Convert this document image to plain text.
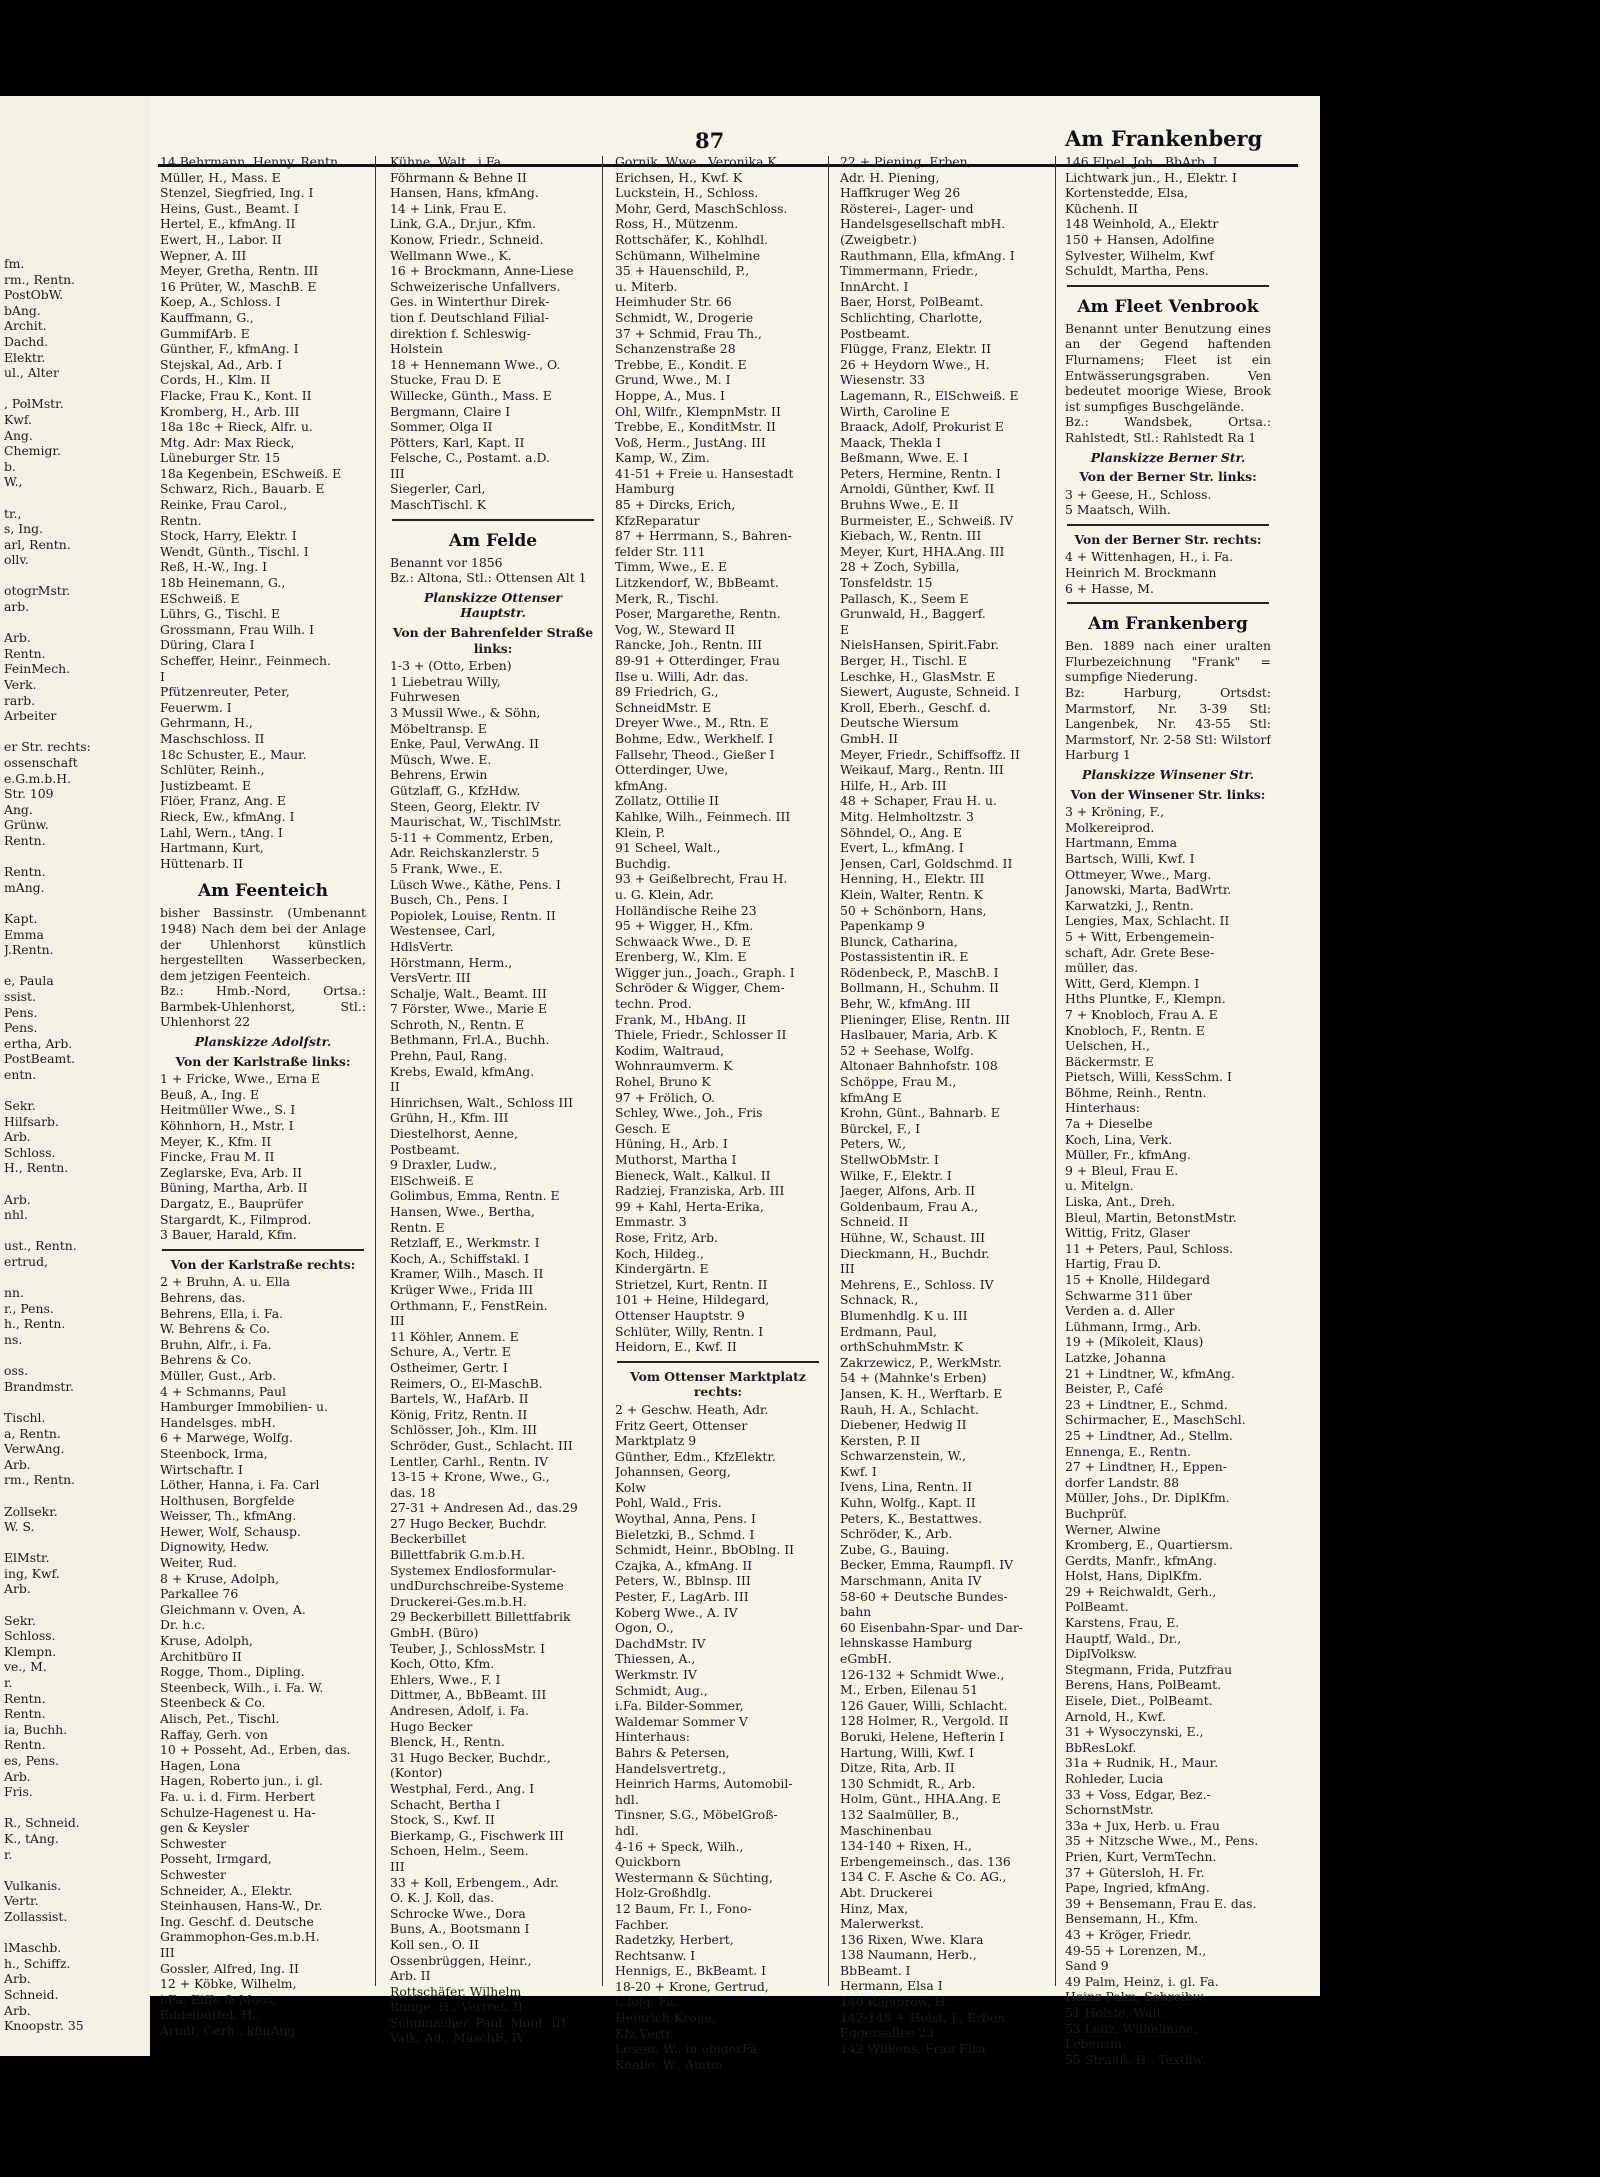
fm.
rm., Rentn.
PostObW.
bAng.
Archit.
Dachd.
Elektr.
ul., Alter

, PolMstr.
Kwf.
Ang.
Chemigr.
b.
W.,

tr.,
s, Ing.
arl, Rentn.
ollv.

otogrMstr.
arb.

Arb.
Rentn.
FeinMech.
Verk.
rarb.
Arbeiter

er Str. rechts:
ossenschaft
e.G.m.b.H.
Str. 109
Ang.
Grünw.
Rentn.

Rentn.
mAng.

Kapt.
Emma
J.Rentn.

e, Paula
ssist.
Pens.
Pens.
ertha, Arb.
PostBeamt.
entn.

Sekr.
Hilfsarb.
Arb.
Schloss.
H., Rentn.

Arb.
nhl.

ust., Rentn.
ertrud,

nn.
r., Pens.
h., Rentn.
ns.

oss.
Brandmstr.

Tischl.
a, Rentn.
VerwAng.
Arb.
rm., Rentn.

Zollsekr.
W. S.

ElMstr.
ing, Kwf.
Arb.

Sekr.
Schloss.
Klempn.
ve., M.
r.
Rentn.
Rentn.
ia, Buchh.
Rentn.
es, Pens.
Arb.
Fris.

R., Schneid.
K., tAng.
r.

Vulkanis.
Vertr.
Zollassist.

lMaschb.
h., Schiffz.
Arb.
Schneid.
Arb.
Knoopstr. 35
87	Am Frankenberg
14 Behrmann, Henny, Rentn.
Müller, H., Mass. E
Stenzel, Siegfried, Ing. I
Heins, Gust., Beamt. I
Hertel, E., kfmAng. II
Ewert, H., Labor. II
Wepner, A. III
Meyer, Gretha, Rentn. III
16 Prüter, W., MaschB. E
Koep, A., Schloss. I
Kauffmann, G.,
GummifArb. E
Günther, F., kfmAng. I
Stejskal, Ad., Arb. I
Cords, H., Klm. II
Flacke, Frau K., Kont. II
Kromberg, H., Arb. III
18a 18c + Rieck, Alfr. u.
Mtg. Adr: Max Rieck,
Lüneburger Str. 15
18a Kegenbein, ESchweiß. E
Schwarz, Rich., Bauarb. E
Reinke, Frau Carol.,
Rentn.
Stock, Harry, Elektr. I
Wendt, Günth., Tischl. I
Reß, H.-W., Ing. I
18b Heinemann, G.,
ESchweiß. E
Lührs, G., Tischl. E
Grossmann, Frau Wilh. I
Düring, Clara I
Scheffer, Heinr., Feinmech.
I
Pfützenreuter, Peter,
Feuerwm. I
Gehrmann, H.,
Maschschloss. II
18c Schuster, E., Maur.
Schlüter, Reinh.,
Justizbeamt. E
Flöer, Franz, Ang. E
Rieck, Ew., kfmAng. I
Lahl, Wern., tAng. I
Hartmann, Kurt,
Hüttenarb. II
Am Feenteich
bisher Bassinstr. (Umbenannt 1948) Nach dem bei der Anlage der Uhlenhorst künstlich hergestellten Wasserbecken, dem jetzigen Feenteich.
Bz.: Hmb.-Nord, Ortsa.: Barmbek-Uhlenhorst, Stl.: Uhlenhorst 22
Planskizze Adolfstr.
Von der Karlstraße links:
1 + Fricke, Wwe., Erna E
Beuß, A., Ing. E
Heitmüller Wwe., S. I
Köhnhorn, H., Mstr. I
Meyer, K., Kfm. II
Fincke, Frau M. II
Zeglarske, Eva, Arb. II
Büning, Martha, Arb. II
Dargatz, E., Bauprüfer
Stargardt, K., Filmprod.
3 Bauer, Harald, Kfm.
Von der Karlstraße rechts:
2 + Bruhn, A. u. Ella
Behrens, das.
Behrens, Ella, i. Fa.
W. Behrens & Co.
Bruhn, Alfr., i. Fa.
Behrens & Co.
Müller, Gust., Arb.
4 + Schmanns, Paul
Hamburger Immobilien- u.
Handelsges. mbH.
6 + Marwege, Wolfg.
Steenbock, Irma,
Wirtschaftr. I
Löther, Hanna, i. Fa. Carl
Holthusen, Borgfelde
Weisser, Th., kfmAng.
Hewer, Wolf, Schausp.
Dignowity, Hedw.
Weiter, Rud.
8 + Kruse, Adolph,
Parkallee 76
Gleichmann v. Oven, A.
Dr. h.c.
Kruse, Adolph,
Architbüro II
Rogge, Thom., Dipling.
Steenbeck, Wilh., i. Fa. W.
Steenbeck & Co.
Alisch, Pet., Tischl.
Raffay, Gerh. von
10 + Posseht, Ad., Erben, das.
Hagen, Lona
Hagen, Roberto jun., i. gl.
Fa. u. i. d. Firm. Herbert
Schulze-Hagenest u. Ha-
gen & Keysler
Schwester
Posseht, Irmgard,
Schwester
Schneider, A., Elektr.
Steinhausen, Hans-W., Dr.
Ing. Geschf. d. Deutsche
Grammophon-Ges.m.b.H.
III
Gossler, Alfred, Ing. II
12 + Köbke, Wilhelm,
i.Fa. Eiffe & Moos,
Eddelbüttel, H.,
Arndt, Gerh., kfmAng.
Kühne, Walt., i.Fa.
Föhrmann & Behne II
Hansen, Hans, kfmAng.
14 + Link, Frau E.
Link, G.A., Dr.jur., Kfm.
Konow, Friedr., Schneid.
Wellmann Wwe., K.
16 + Brockmann, Anne-Liese
Schweizerische Unfallvers.
Ges. in Winterthur Direk-
tion f. Deutschland Filial-
direktion f. Schleswig-
Holstein
18 + Hennemann Wwe., O.
Stucke, Frau D. E
Willecke, Günth., Mass. E
Bergmann, Claire I
Sommer, Olga II
Pötters, Karl, Kapt. II
Felsche, C., Postamt. a.D.
III
Siegerler, Carl,
MaschTischl. K
Am Felde
Benannt vor 1856
Bz.: Altona, Stl.: Ottensen Alt 1
Planskizze Ottenser Hauptstr.
Von der Bahrenfelder Straße links:
1-3 + (Otto, Erben)
1 Liebetrau Willy,
Fuhrwesen
3 Mussil Wwe., & Söhn,
Möbeltransp. E
Enke, Paul, VerwAng. II
Müsch, Wwe. E.
Behrens, Erwin
Gützlaff, G., KfzHdw.
Steen, Georg, Elektr. IV
Maurischat, W., TischlMstr.
5-11 + Commentz, Erben,
Adr. Reichskanzlerstr. 5
5 Frank, Wwe., E.
Lüsch Wwe., Käthe, Pens. I
Busch, Ch., Pens. I
Popiolek, Louise, Rentn. II
Westensee, Carl,
HdlsVertr.
Hörstmann, Herm.,
VersVertr. III
Schalje, Walt., Beamt. III
7 Förster, Wwe., Marie E
Schroth, N., Rentn. E
Bethmann, Frl.A., Buchh.
Prehn, Paul, Rang.
Krebs, Ewald, kfmAng.
II
Hinrichsen, Walt., Schloss III
Grühn, H., Kfm. III
Diestelhorst, Aenne,
Postbeamt.
9 Draxler, Ludw.,
ElSchweiß. E
Golimbus, Emma, Rentn. E
Hansen, Wwe., Bertha,
Rentn. E
Retzlaff, E., Werkmstr. I
Koch, A., Schiffstakl. I
Kramer, Wilh., Masch. II
Krüger Wwe., Frida III
Orthmann, F., FenstRein.
III
11 Köhler, Annem. E
Schure, A., Vertr. E
Ostheimer, Gertr. I
Reimers, O., El-MaschB.
Bartels, W., HafArb. II
König, Fritz, Rentn. II
Schlösser, Joh., Klm. III
Schröder, Gust., Schlacht. III
Lentler, Carhl., Rentn. IV
13-15 + Krone, Wwe., G.,
das. 18
27-31 + Andresen Ad., das.29
27 Hugo Becker, Buchdr.
Beckerbillet
Billettfabrik G.m.b.H.
Systemex Endlosformular-
undDurchschreibe-Systeme
Druckerei-Ges.m.b.H.
29 Beckerbillett Billettfabrik
GmbH. (Büro)
Teuber, J., SchlossMstr. I
Koch, Otto, Kfm.
Ehlers, Wwe., F. I
Dittmer, A., BbBeamt. III
Andresen, Adolf, i. Fa.
Hugo Becker
Blenck, H., Rentn.
31 Hugo Becker, Buchdr.,
(Kontor)
Westphal, Ferd., Ang. I
Schacht, Bertha I
Stock, S., Kwf. II
Bierkamp, G., Fischwerk III
Schoen, Helm., Seem.
III
33 + Koll, Erbengem., Adr.
O. K. J. Koll, das.
Schrocke Wwe., Dora
Buns, A., Bootsmann I
Koll sen., O. II
Ossenbrüggen, Heinr.,
Arb. II
Rottschäfer, Wilhelm
Runge, H., Vertret. II
Schumacher, Paul, Mont. III
Valk, Ad., MaschB. IV
Gornik, Wwe., Veronika K
Erichsen, H., Kwf. K
Luckstein, H., Schloss.
Mohr, Gerd, MaschSchloss.
Ross, H., Mützenm.
Rottschäfer, K., Kohlhdl.
Schümann, Wilhelmine
35 + Hauenschild, P.,
u. Miterb.
Heimhuder Str. 66
Schmidt, W., Drogerie
37 + Schmid, Frau Th.,
Schanzenstraße 28
Trebbe, E., Kondit. E
Grund, Wwe., M. I
Hoppe, A., Mus. I
Ohl, Wilfr., KlempnMstr. II
Trebbe, E., KonditMstr. II
Voß, Herm., JustAng. III
Kamp, W., Zim.
41-51 + Freie u. Hansestadt
Hamburg
85 + Dircks, Erich,
KfzReparatur
87 + Herrmann, S., Bahren-
felder Str. 111
Timm, Wwe., E. E
Litzkendorf, W., BbBeamt.
Merk, R., Tischl.
Poser, Margarethe, Rentn.
Vog, W., Steward II
Rancke, Joh., Rentn. III
89-91 + Otterdinger, Frau
Ilse u. Willi, Adr. das.
89 Friedrich, G.,
SchneidMstr. E
Dreyer Wwe., M., Rtn. E
Bohme, Edw., Werkhelf. I
Fallsehr, Theod., Gießer I
Otterdinger, Uwe,
kfmAng.
Zollatz, Ottilie II
Kahlke, Wilh., Feinmech. III
Klein, P.
91 Scheel, Walt.,
Buchdig.
93 + Geißelbrecht, Frau H.
u. G. Klein, Adr.
Holländische Reihe 23
95 + Wigger, H., Kfm.
Schwaack Wwe., D. E
Erenberg, W., Klm. E
Wigger jun., Joach., Graph. I
Schröder & Wigger, Chem-
techn. Prod.
Frank, M., HbAng. II
Thiele, Friedr., Schlosser II
Kodim, Waltraud,
Wohnraumverm. K
Rohel, Bruno K
97 + Frölich, O.
Schley, Wwe., Joh., Fris
Gesch. E
Hüning, H., Arb. I
Muthorst, Martha I
Bieneck, Walt., Kalkul. II
Radziej, Franziska, Arb. III
99 + Kahl, Herta-Erika,
Emmastr. 3
Rose, Fritz, Arb.
Koch, Hildeg.,
Kindergärtn. E
Strietzel, Kurt, Rentn. II
101 + Heine, Hildegard,
Ottenser Hauptstr. 9
Schlüter, Willy, Rentn. I
Heidorn, E., Kwf. II
Vom Ottenser Marktplatz rechts:
2 + Geschw. Heath, Adr.
Fritz Geert, Ottenser
Marktplatz 9
Günther, Edm., KfzElektr.
Johannsen, Georg,
Kolw
Pohl, Wald., Fris.
Woythal, Anna, Pens. I
Bieletzki, B., Schmd. I
Schmidt, Heinr., BbOblng. II
Czajka, A., kfmAng. II
Peters, W., Bblnsp. III
Pester, F., LagArb. III
Koberg Wwe., A. IV
Ogon, O.,
DachdMstr. IV
Thiessen, A.,
Werkmstr. IV
Schmidt, Aug.,
i.Fa. Bilder-Sommer,
Waldemar Sommer V
Hinterhaus:
Bahrs & Petersen,
Handelsvertretg.,
Heinrich Harms, Automobil-
hdl.
Tinsner, S.G., MöbelGroß-
hdl.
4-16 + Speck, Wilh.,
Quickborn
Westermann & Süchting,
Holz-Großhdlg.
12 Baum, Fr. I., Fono-
Fachber.
Radetzky, Herbert,
Rechtsanw. I
Hennigs, E., BkBeamt. I
18-20 + Krone, Gertrud,
i. folg. Fa.
Heinrich Krone,
Kfz.Vertr.
Lesser, W., in obigerFa
Knabe, W., Amtm.
22 + Piening, Erben,
Adr. H. Piening,
Haffkruger Weg 26
Rösterei-, Lager- und
Handelsgesellschaft mbH.
(Zweigbetr.)
Rauthmann, Ella, kfmAng. I
Timmermann, Friedr.,
InnArcht. I
Baer, Horst, PolBeamt.
Schlichting, Charlotte,
Postbeamt.
Flügge, Franz, Elektr. II
26 + Heydorn Wwe., H.
Wiesenstr. 33
Lagemann, R., ElSchweiß. E
Wirth, Caroline E
Braack, Adolf, Prokurist E
Maack, Thekla I
Beßmann, Wwe. E. I
Peters, Hermine, Rentn. I
Arnoldi, Günther, Kwf. II
Bruhns Wwe., E. II
Burmeister, E., Schweiß. IV
Kiebach, W., Rentn. III
Meyer, Kurt, HHA.Ang. III
28 + Zoch, Sybilla,
Tonsfeldstr. 15
Pallasch, K., Seem E
Grunwald, H., Baggerf.
E
NielsHansen, Spirit.Fabr.
Berger, H., Tischl. E
Leschke, H., GlasMstr. E
Siewert, Auguste, Schneid. I
Kroll, Eberh., Geschf. d.
Deutsche Wiersum
GmbH. II
Meyer, Friedr., Schiffsoffz. II
Weikauf, Marg., Rentn. III
Hilfe, H., Arb. III
48 + Schaper, Frau H. u.
Mitg. Helmholtzstr. 3
Söhndel, O., Ang. E
Evert, L., kfmAng. I
Jensen, Carl, Goldschmd. II
Henning, H., Elektr. III
Klein, Walter, Rentn. K
50 + Schönborn, Hans,
Papenkamp 9
Blunck, Catharina,
Postassistentin iR. E
Rödenbeck, P., MaschB. I
Bollmann, H., Schuhm. II
Behr, W., kfmAng. III
Plieninger, Elise, Rentn. III
Haslbauer, Maria, Arb. K
52 + Seehase, Wolfg.
Altonaer Bahnhofstr. 108
Schöppe, Frau M.,
kfmAng E
Krohn, Günt., Bahnarb. E
Bürckel, F., I
Peters, W.,
StellwObMstr. I
Wilke, F., Elektr. I
Jaeger, Alfons, Arb. II
Goldenbaum, Frau A.,
Schneid. II
Hühne, W., Schaust. III
Dieckmann, H., Buchdr.
III
Mehrens, E., Schloss. IV
Schnack, R.,
Blumenhdlg. K u. III
Erdmann, Paul,
orthSchuhmMstr. K
Zakrzewicz, P., WerkMstr.
54 + (Mahnke's Erben)
Jansen, K. H., Werftarb. E
Rauh, H. A., Schlacht.
Diebener, Hedwig II
Kersten, P. II
Schwarzenstein, W.,
Kwf. I
Ivens, Lina, Rentn. II
Kuhn, Wolfg., Kapt. II
Peters, K., Bestattwes.
Schröder, K., Arb.
Zube, G., Bauing.
Becker, Emma, Raumpfl. IV
Marschmann, Anita IV
58-60 + Deutsche Bundes-
bahn
60 Eisenbahn-Spar- und Dar-
lehnskasse Hamburg
eGmbH.
126-132 + Schmidt Wwe.,
M., Erben, Eilenau 51
126 Gauer, Willi, Schlacht.
128 Holmer, R., Vergold. II
Boruki, Helene, Hefterin I
Hartung, Willi, Kwf. I
Ditze, Rita, Arb. II
130 Schmidt, R., Arb.
Holm, Günt., HHA.Ang. E
132 Saalmüller, B.,
Maschinenbau
134-140 + Rixen, H.,
Erbengemeinsch., das. 136
134 C. F. Asche & Co. AG.,
Abt. Druckerei
Hinz, Max,
Malerwerkst.
136 Rixen, Wwe. Klara
138 Naumann, Herb.,
BbBeamt. I
Hermann, Elsa I
140 Rambrow, H.
142-148 + Holst, J., Erben
Eggersallee 23
142 Wilkens, Frau Elsa
146 Elpel, Joh., BbArb. I
Lichtwark jun., H., Elektr. I
Kortenstedde, Elsa,
Küchenh. II
148 Weinhold, A., Elektr
150 + Hansen, Adolfine
Sylvester, Wilhelm, Kwf
Schuldt, Martha, Pens.
Am Fleet Venbrook
Benannt unter Benutzung eines an der Gegend haftenden Flurnamens; Fleet ist ein Entwässerungsgraben. Ven bedeutet moorige Wiese, Brook ist sumpfiges Buschgelände.
Bz.: Wandsbek, Ortsa.: Rahlstedt, Stl.: Rahlstedt Ra 1
Planskizze Berner Str.
Von der Berner Str. links:
3 + Geese, H., Schloss.
5 Maatsch, Wilh.
Von der Berner Str. rechts:
4 + Wittenhagen, H., i. Fa.
Heinrich M. Brockmann
6 + Hasse, M.
Am Frankenberg
Ben. 1889 nach einer uralten Flurbezeichnung "Frank" = sumpfige Niederung.
Bz: Harburg, Ortsdst: Marmstorf, Nr. 3-39 Stl: Langenbek, Nr. 43-55 Stl: Marmstorf, Nr. 2-58 Stl: Wilstorf Harburg 1
Planskizze Winsener Str.
Von der Winsener Str. links:
3 + Kröning, F.,
Molkereiprod.
Hartmann, Emma
Bartsch, Willi, Kwf. I
Ottmeyer, Wwe., Marg.
Janowski, Marta, BadWrtr.
Karwatzki, J., Rentn.
Lengies, Max, Schlacht. II
5 + Witt, Erbengemein-
schaft, Adr. Grete Bese-
müller, das.
Witt, Gerd, Klempn. I
Hths Pluntke, F., Klempn.
7 + Knobloch, Frau A. E
Knobloch, F., Rentn. E
Uelschen, H.,
Bäckermstr. E
Pietsch, Willi, KessSchm. I
Böhme, Reinh., Rentn.
Hinterhaus:
7a + Dieselbe
Koch, Lina, Verk.
Müller, Fr., kfmAng.
9 + Bleul, Frau E.
u. Mitelgn.
Liska, Ant., Dreh.
Bleul, Martin, BetonstMstr.
Wittig, Fritz, Glaser
11 + Peters, Paul, Schloss.
Hartig, Frau D.
15 + Knolle, Hildegard
Schwarme 311 über
Verden a. d. Aller
Lühmann, Irmg., Arb.
19 + (Mikoleit, Klaus)
Latzke, Johanna
21 + Lindtner, W., kfmAng.
Beister, P., Café
23 + Lindtner, E., Schmd.
Schirmacher, E., MaschSchl.
25 + Lindtner, Ad., Stellm.
Ennenga, E., Rentn.
27 + Lindtner, H., Eppen-
dorfer Landstr. 88
Müller, Johs., Dr. DiplKfm.
Buchprüf.
Werner, Alwine
Kromberg, E., Quartiersm.
Gerdts, Manfr., kfmAng.
Holst, Hans, DiplKfm.
29 + Reichwaldt, Gerh.,
PolBeamt.
Karstens, Frau, E.
Hauptf, Wald., Dr.,
DiplVolksw.
Stegmann, Frida, Putzfrau
Berens, Hans, PolBeamt.
Eisele, Diet., PolBeamt.
Arnold, H., Kwf.
31 + Wysoczynski, E.,
BbResLokf.
31a + Rudnik, H., Maur.
Rohleder, Lucia
33 + Voss, Edgar, Bez.-
SchornstMstr.
33a + Jux, Herb. u. Frau
35 + Nitzsche Wwe., M., Pens.
Prien, Kurt, VermTechn.
37 + Gütersloh, H. Fr.
Pape, Ingried, kfmAng.
39 + Bensemann, Frau E. das.
Bensemann, H., Kfm.
43 + Kröger, Friedr.
49-55 + Lorenzen, M.,
Sand 9
49 Palm, Heinz, i. gl. Fa.
Heinz Palm, Schreibw.
51 Holste, Walt.
53 Lenz, Wilhelmine,
Lebensm.
55 Strauß, H., Textilw.
